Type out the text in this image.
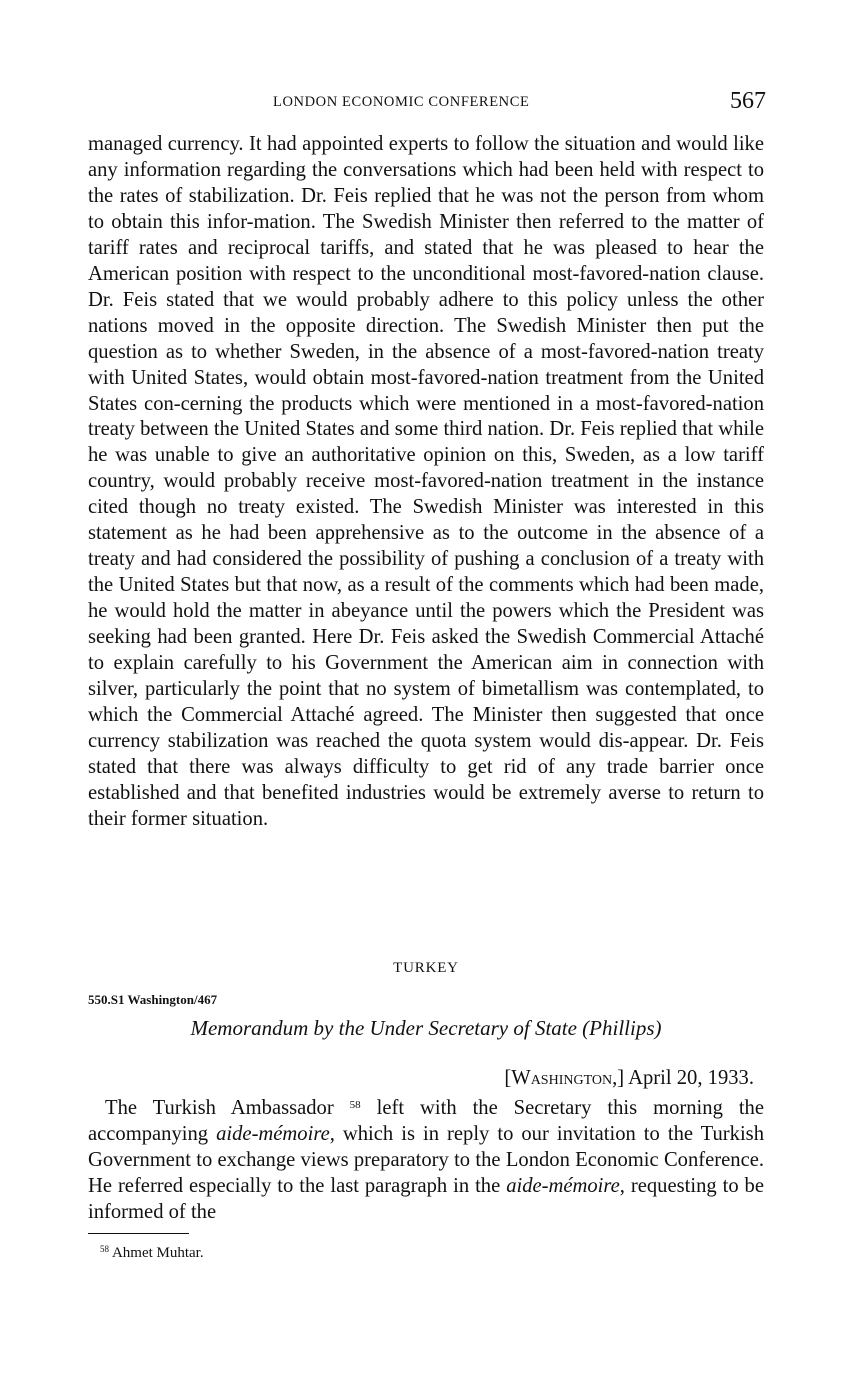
LONDON ECONOMIC CONFERENCE	567

managed currency. It had appointed experts to follow the situation and would like any information regarding the conversations which had been held with respect to the rates of stabilization. Dr. Feis replied that he was not the person from whom to obtain this infor-mation. The Swedish Minister then referred to the matter of tariff rates and reciprocal tariffs, and stated that he was pleased to hear the American position with respect to the unconditional most-favored-nation clause. Dr. Feis stated that we would probably adhere to this policy unless the other nations moved in the opposite direction. The Swedish Minister then put the question as to whether Sweden, in the absence of a most-favored-nation treaty with United States, would obtain most-favored-nation treatment from the United States con-cerning the products which were mentioned in a most-favored-nation treaty between the United States and some third nation. Dr. Feis replied that while he was unable to give an authoritative opinion on this, Sweden, as a low tariff country, would probably receive most-favored-nation treatment in the instance cited though no treaty existed. The Swedish Minister was interested in this statement as he had been apprehensive as to the outcome in the absence of a treaty and had considered the possibility of pushing a conclusion of a treaty with the United States but that now, as a result of the comments which had been made, he would hold the matter in abeyance until the powers which the President was seeking had been granted. Here Dr. Feis asked the Swedish Commercial Attaché to explain carefully to his Government the American aim in connection with silver, particularly the point that no system of bimetallism was contemplated, to which the Commercial Attaché agreed. The Minister then suggested that once currency stabilization was reached the quota system would dis-appear. Dr. Feis stated that there was always difficulty to get rid of any trade barrier once established and that benefited industries would be extremely averse to return to their former situation.

TURKEY
550.S1 Washington/467
Memorandum by the Under Secretary of State (Phillips)
[Washington,] April 20, 1933.

The Turkish Ambassador $^{58}$ left with the Secretary this morning the accompanying aide-mémoire, which is in reply to our invitation to the Turkish Government to exchange views preparatory to the London Economic Conference. He referred especially to the last paragraph in the aide-mémoire, requesting to be informed of the

$^{58}$ Ahmet Muhtar.
